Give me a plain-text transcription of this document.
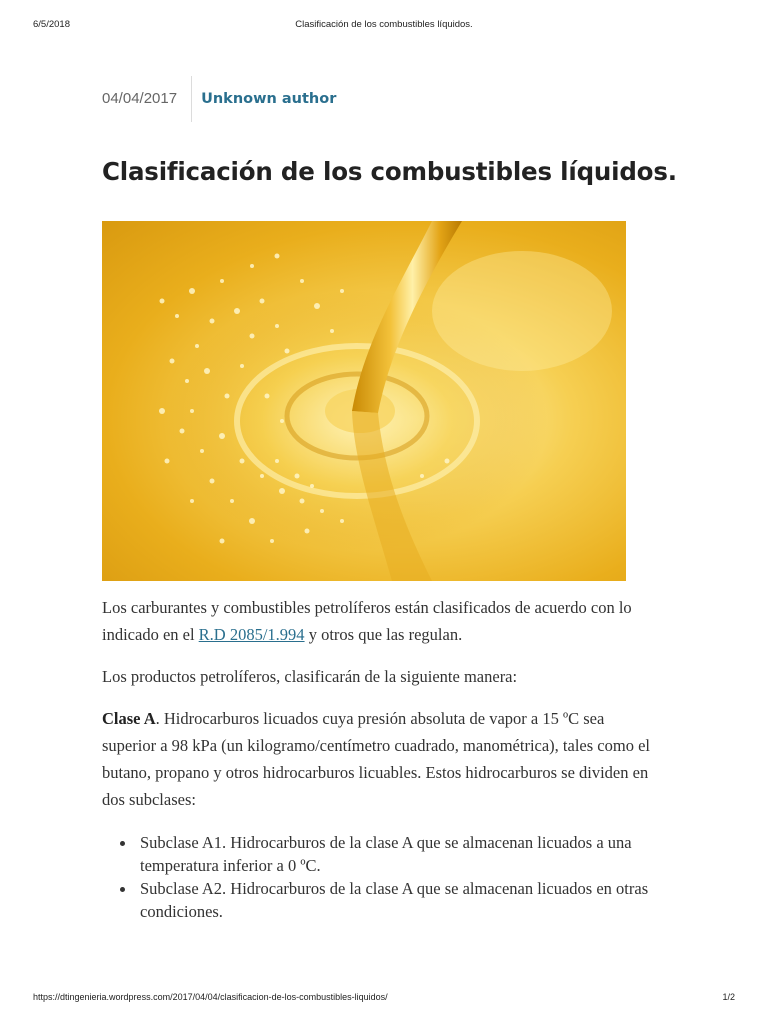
6/5/2018	Clasificación de los combustibles líquidos.
04/04/2017	Unknown author
Clasificación de los combustibles líquidos.

Los carburantes y combustibles petrolíferos están clasificados de acuerdo con lo indicado en el R.D 2085/1.994 y otros que las regulan.

Los productos petrolíferos, clasificarán de la siguiente manera:

Clase A. Hidrocarburos licuados cuya presión absoluta de vapor a 15 ºC sea superior a 98 kPa (un kilogramo/centímetro cuadrado, manométrica), tales como el butano, propano y otros hidrocarburos licuables. Estos hidrocarburos se dividen en dos subclases:

Subclase A1. Hidrocarburos de la clase A que se almacenan licuados a una temperatura inferior a 0 ºC.
Subclase A2. Hidrocarburos de la clase A que se almacenan licuados en otras condiciones.
https://dtingenieria.wordpress.com/2017/04/04/clasificacion-de-los-combustibles-liquidos/	1/2
